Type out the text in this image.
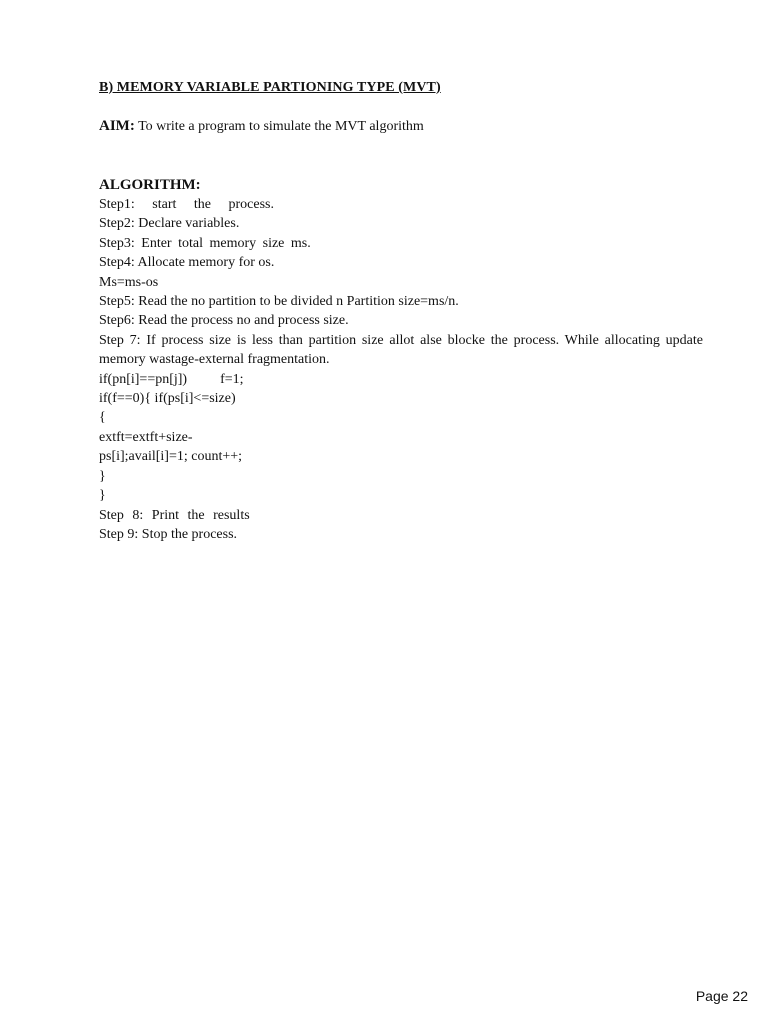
B) MEMORY VARIABLE PARTIONING TYPE (MVT)
AIM: To write a program to simulate the MVT algorithm
ALGORITHM:
Step1: start the process.
Step2: Declare variables.
Step3: Enter total memory size ms.
Step4: Allocate memory for os.
Ms=ms-os
Step5: Read the no partition to be divided n Partition size=ms/n.
Step6: Read the process no and process size.
Step 7: If process size is less than partition size allot alse blocke the process. While allocating update memory wastage-external fragmentation.
if(pn[i]==pn[j]) f=1;
if(f==0){ if(ps[i]<=size)
{
extft=extft+size-
ps[i];avail[i]=1; count++;
}
}
Step 8: Print the results
Step 9: Stop the process.
Page 22
